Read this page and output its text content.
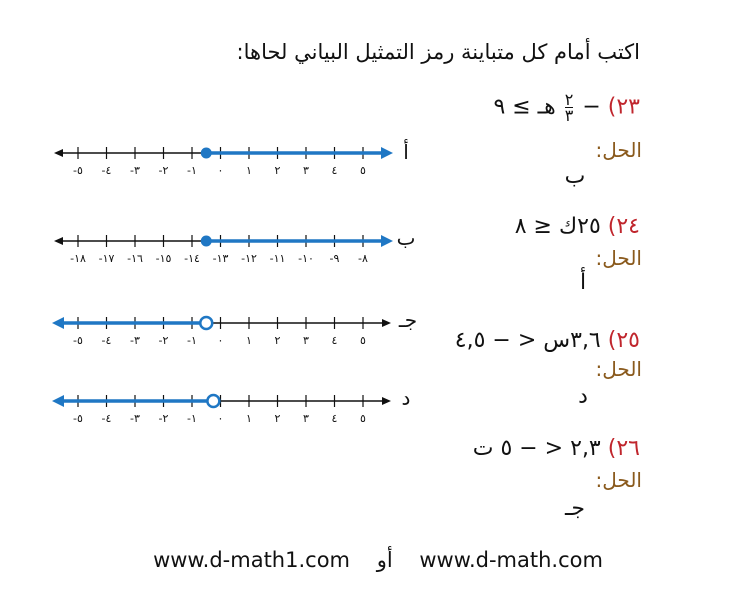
اكتب أمام كل متباينة رمز التمثيل البياني لحاها:
٢٣) − $\frac{٢}{٣}$
هـ ≥ ٩
الحل:
ب
٢٤) ٢٥ك ≤ ٨
الحل:
أ
٢٥) ٣,٦س < − ٤,٥
الحل:
د
٢٦) ٢,٣ < − ٥ ت
الحل:
جـ
-٥ -٤ -٣ -٢ -١ ٠ ١ ٢ ٣ ٤ ٥
أ
-١٨ -١٧ -١٦ -١٥ -١٤ -١٣ -١٢ -١١ -١٠ -٩ -٨
ب
-٥ -٤ -٣ -٢ -١ ٠ ١ ٢ ٣ ٤ ٥
جـ
-٥ -٤ -٣ -٢ -١ ٠ ١ ٢ ٣ ٤ ٥
د
www.d-math1.com أو www.d-math.com
